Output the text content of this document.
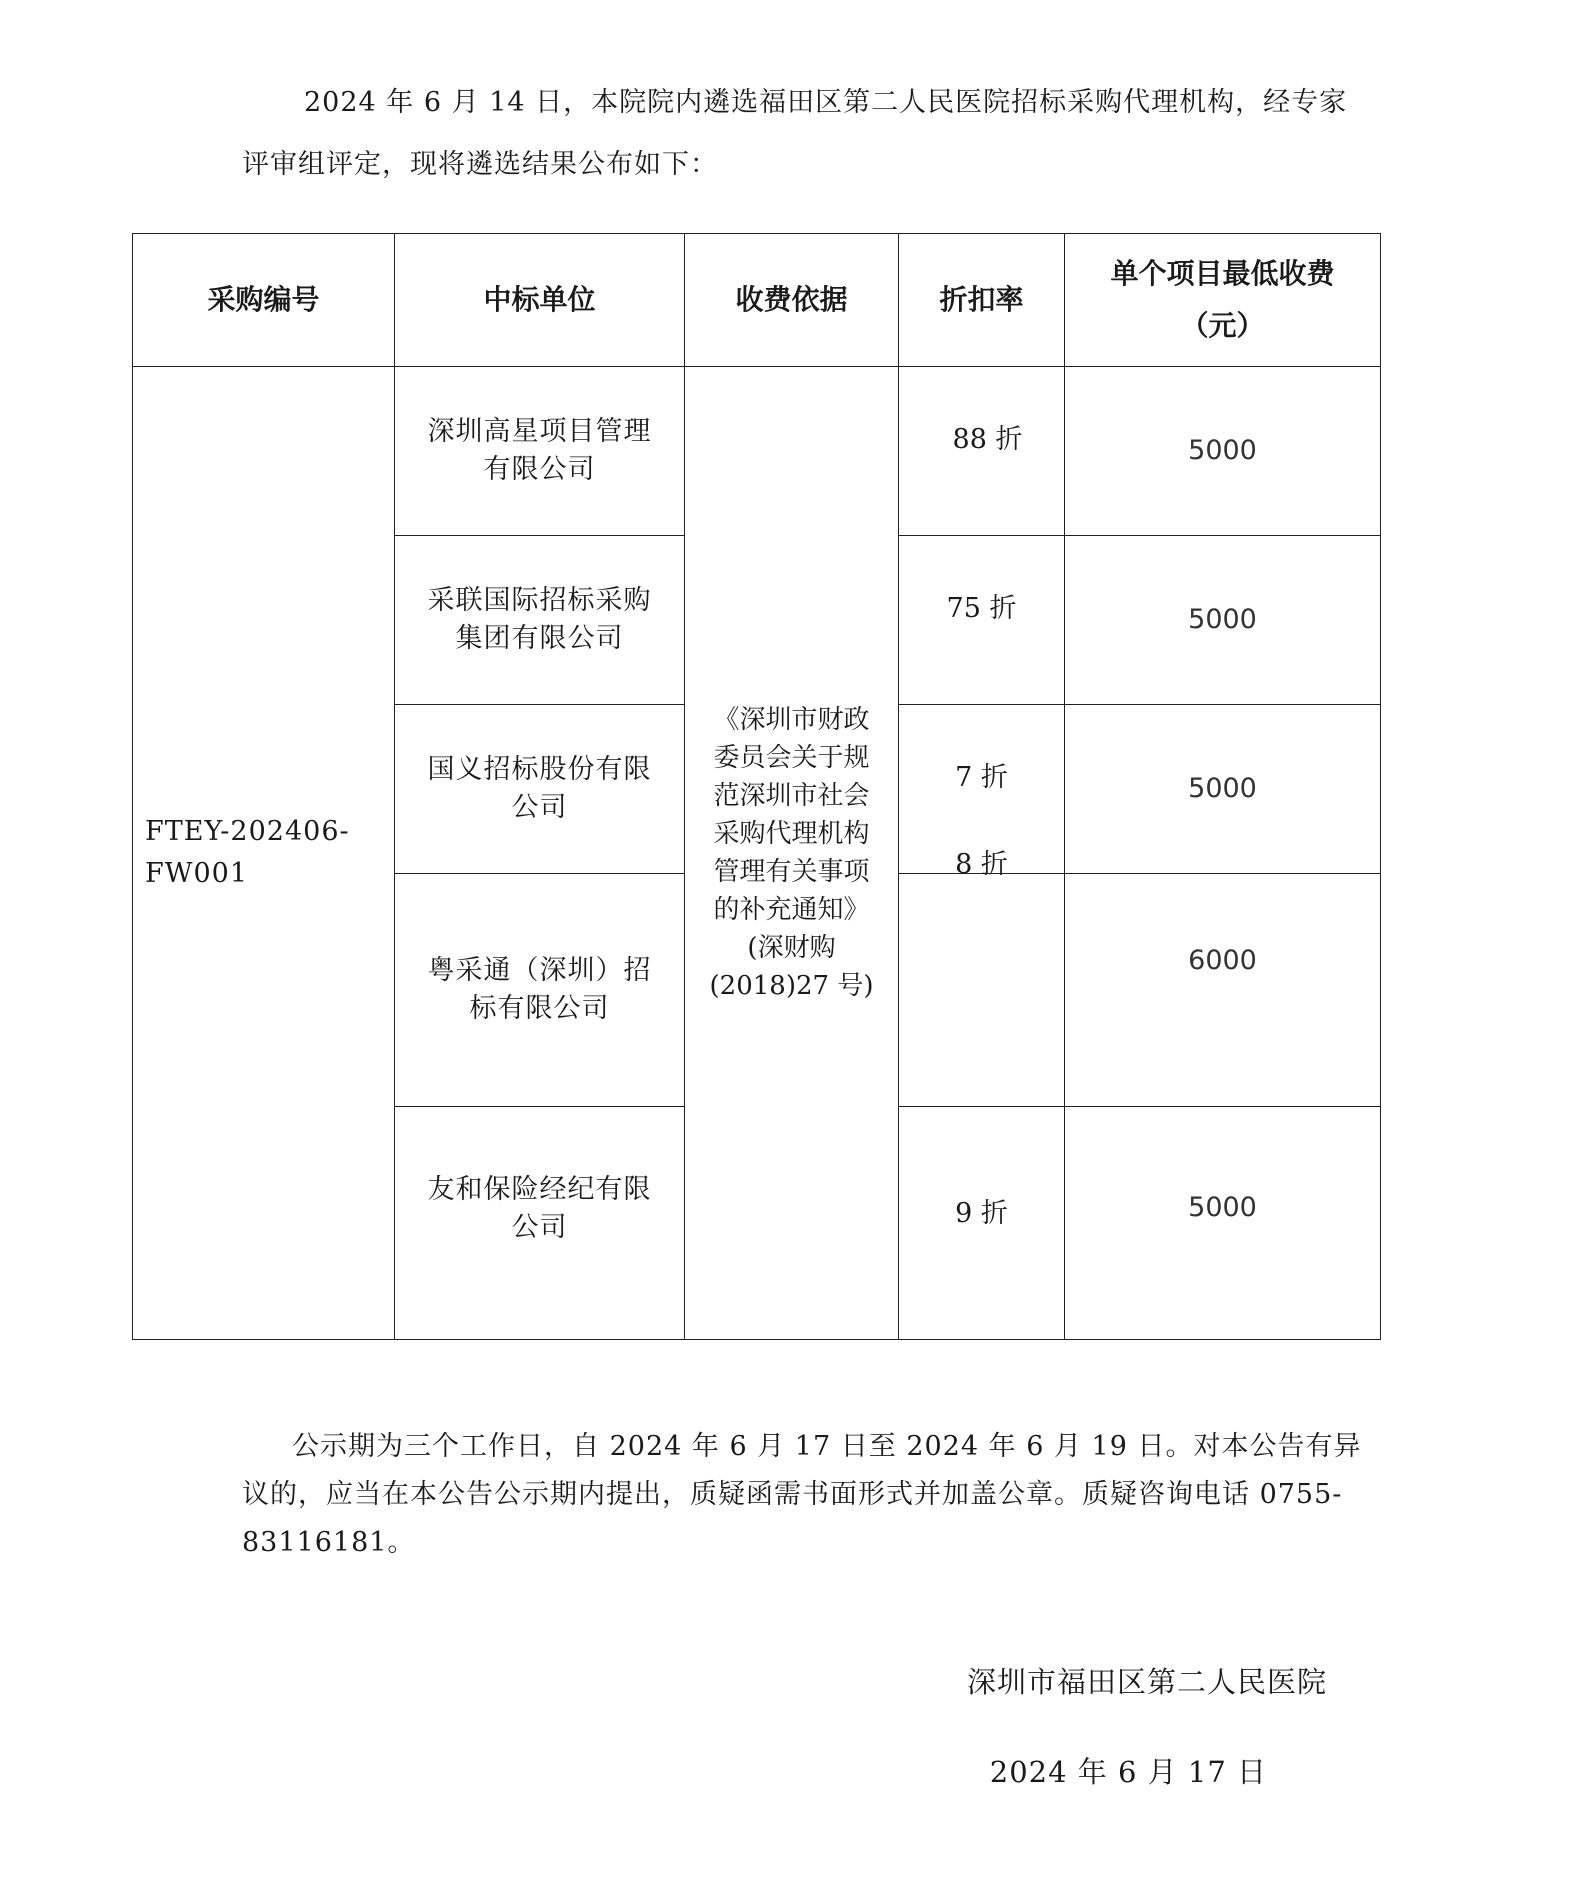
2024 年 6 月 14 日，本院院内遴选福田区第二人民医院招标采购代理机构，经专家评审组评定，现将遴选结果公布如下：

采购编号	中标单位	收费依据	折扣率	单个项目最低收费
（元）

FTEY-202406-FW001	深圳高星项目管理有限公司	《深圳市财政委员会关于规范深圳市社会采购代理机构管理有关事项的补充通知》(深财购(2018)27 号)	88 折	5000
	采联国际招标采购集团有限公司		75 折	5000
	国义招标股份有限公司		7 折	5000
	粤采通（深圳）招标有限公司		8 折	6000

	友和保险经纪有限公司		9 折	5000

公示期为三个工作日，自 2024 年 6 月 17 日至 2024 年 6 月 19 日。对本公告有异议的，应当在本公告公示期内提出，质疑函需书面形式并加盖公章。质疑咨询电话 0755-83116181。

深圳市福田区第二人民医院
2024 年 6 月 17 日
